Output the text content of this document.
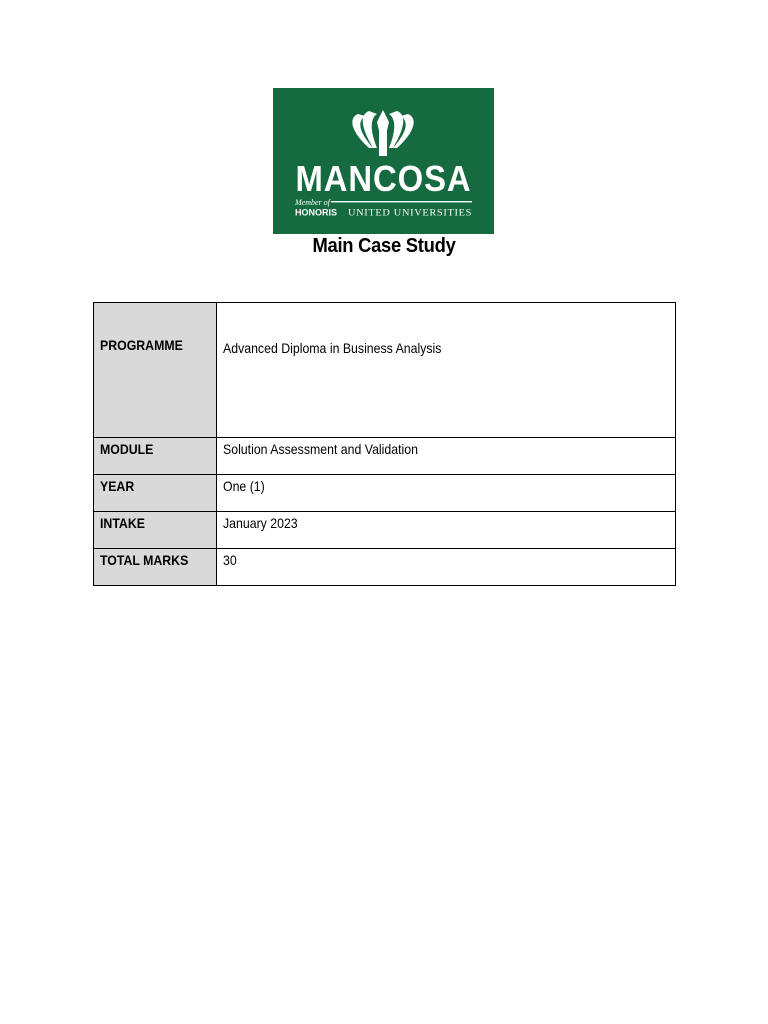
MANCOSA
Member of
HONORIS UNITED UNIVERSITIES
Main Case Study
PROGRAMME	Advanced Diploma in Business Analysis
MODULE	Solution Assessment and Validation
YEAR	One (1)
INTAKE	January 2023
TOTAL MARKS	30
